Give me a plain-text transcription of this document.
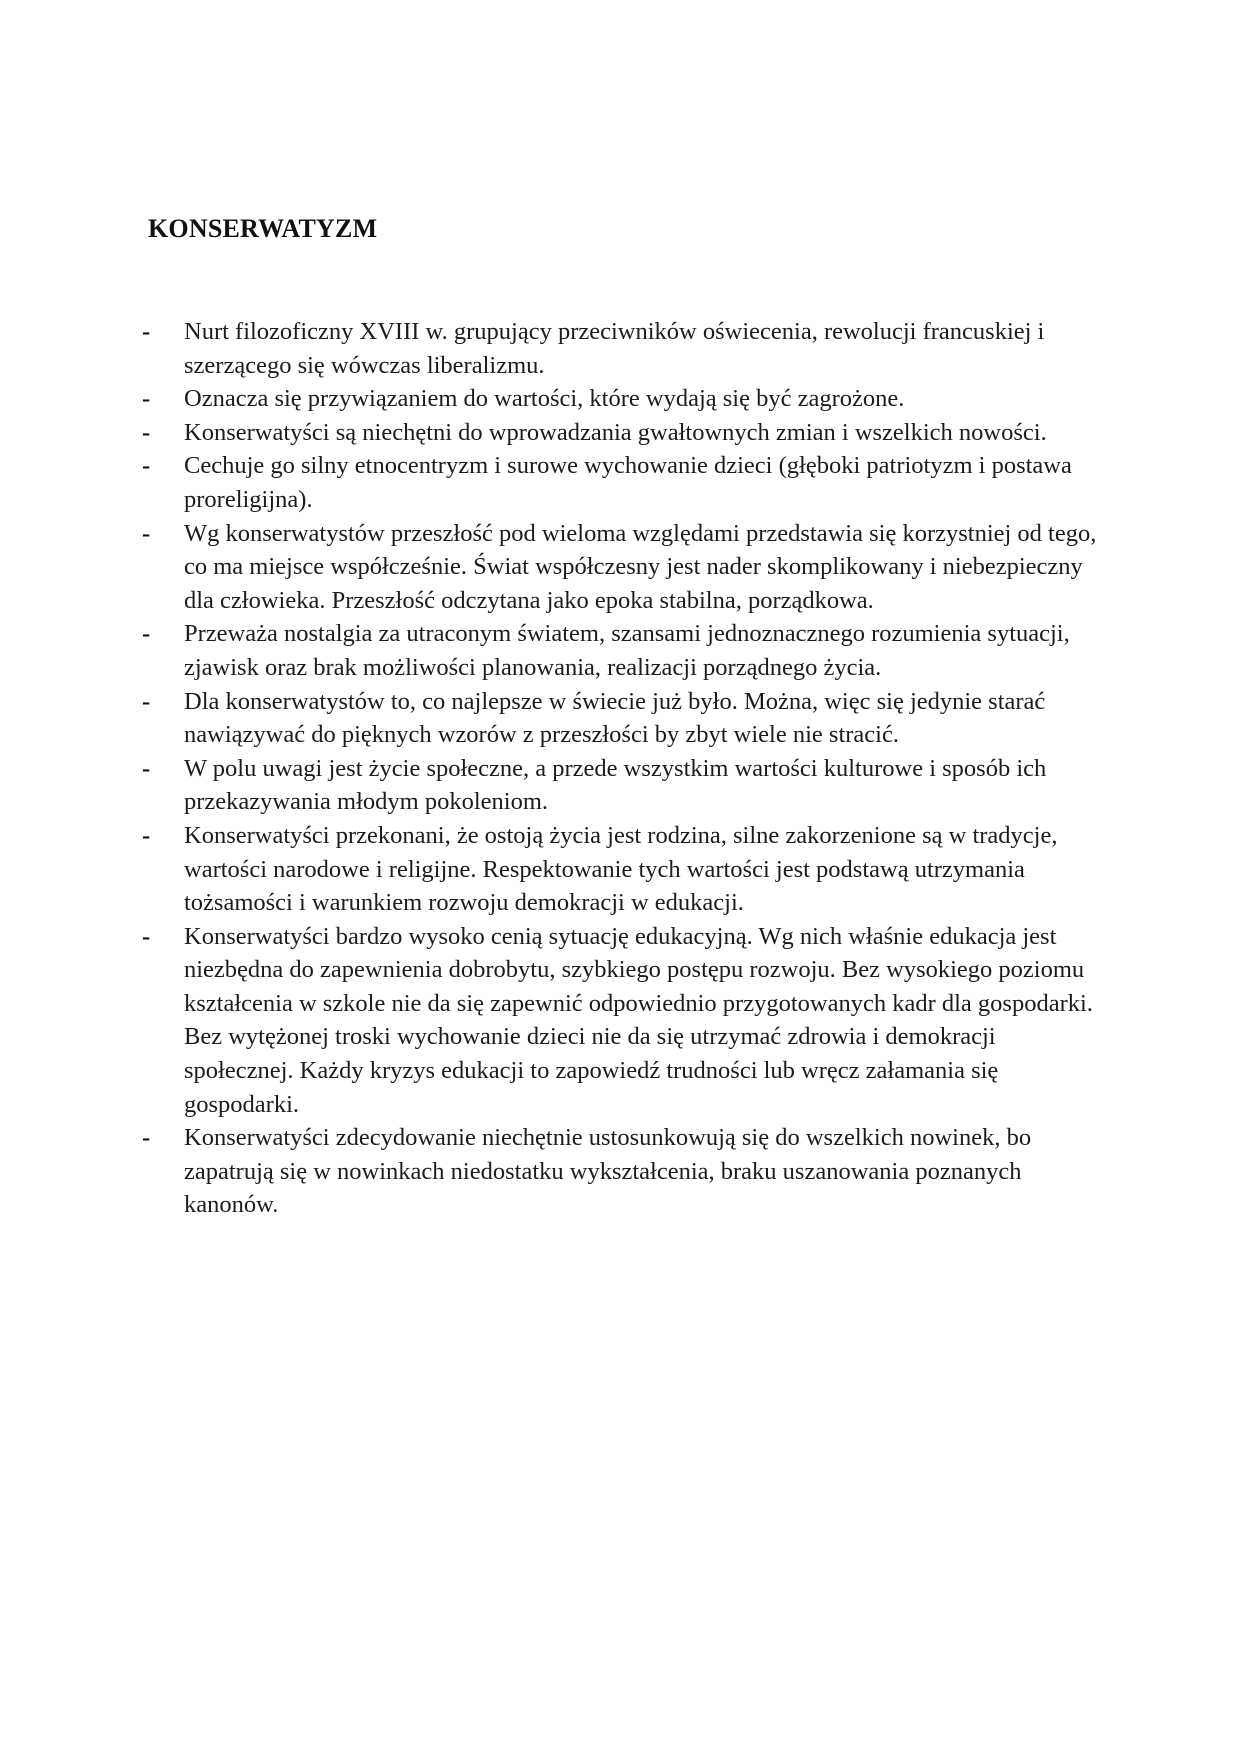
KONSERWATYZM
-	Nurt filozoficzny XVIII w. grupujący przeciwników oświecenia, rewolucji francuskiej i szerzącego się wówczas liberalizmu.
-	Oznacza się przywiązaniem do wartości, które wydają się być zagrożone.
-	Konserwatyści są niechętni do wprowadzania gwałtownych zmian i wszelkich nowości.
-	Cechuje go silny etnocentryzm i surowe wychowanie dzieci (głęboki patriotyzm i postawa proreligijna).
-	Wg konserwatystów przeszłość pod wieloma względami przedstawia się korzystniej od tego, co ma miejsce współcześnie. Świat współczesny jest nader skomplikowany i niebezpieczny dla człowieka. Przeszłość odczytana jako epoka stabilna, porządkowa.
-	Przeważa nostalgia za utraconym światem, szansami jednoznacznego rozumienia sytuacji, zjawisk oraz brak możliwości planowania, realizacji porządnego życia.
-	Dla konserwatystów to, co najlepsze w świecie już było. Można, więc się jedynie starać nawiązywać do pięknych wzorów z przeszłości by zbyt wiele nie stracić.
-	W polu uwagi jest życie społeczne, a przede wszystkim wartości kulturowe i sposób ich przekazywania młodym pokoleniom.
-	Konserwatyści przekonani, że ostoją życia jest rodzina, silne zakorzenione są w tradycje, wartości narodowe i religijne. Respektowanie tych wartości jest podstawą utrzymania tożsamości i warunkiem rozwoju demokracji w edukacji.
-	Konserwatyści bardzo wysoko cenią sytuację edukacyjną. Wg nich właśnie edukacja jest niezbędna do zapewnienia dobrobytu, szybkiego postępu rozwoju. Bez wysokiego poziomu kształcenia w szkole nie da się zapewnić odpowiednio przygotowanych kadr dla gospodarki. Bez wytężonej troski wychowanie dzieci nie da się utrzymać zdrowia i demokracji społecznej. Każdy kryzys edukacji to zapowiedź trudności lub wręcz załamania się gospodarki.
-	Konserwatyści zdecydowanie niechętnie ustosunkowują się do wszelkich nowinek, bo zapatrują się w nowinkach niedostatku wykształcenia, braku uszanowania poznanych kanonów.
